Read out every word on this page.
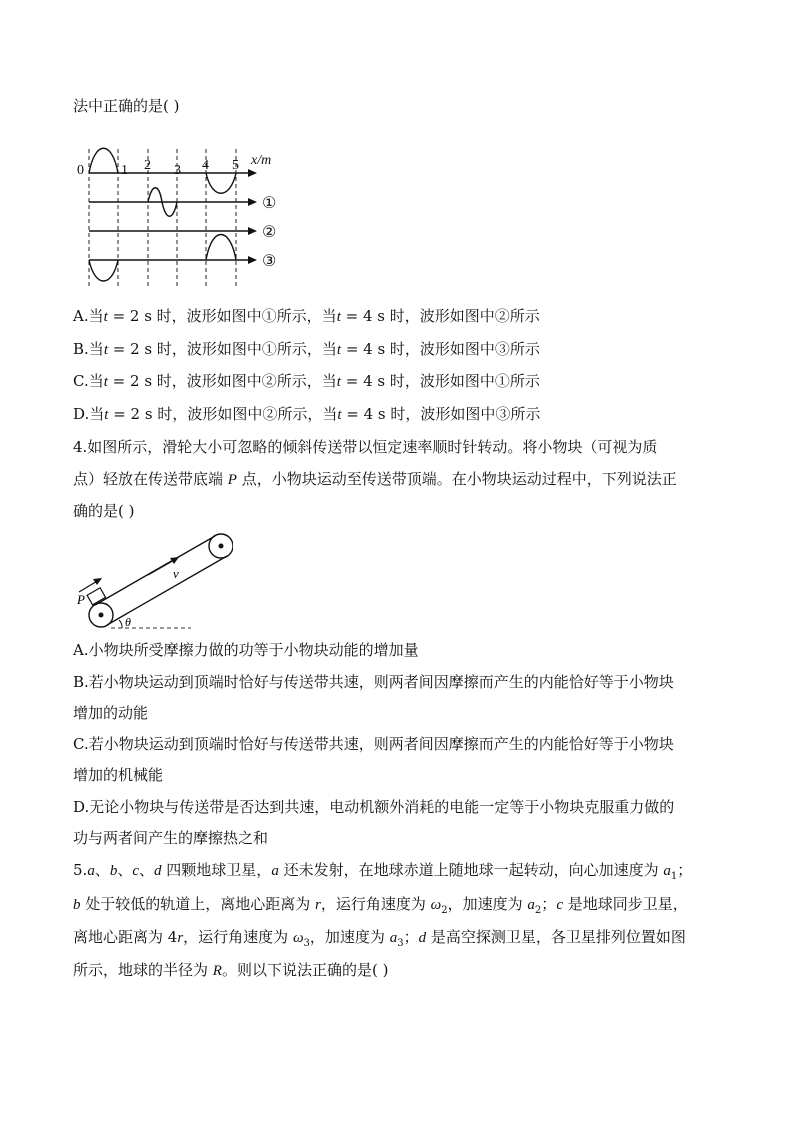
法中正确的是( )
0	1 2 3 4 5 x/m
①
②
③
A.当t = 2 s 时，波形如图中①所示，当t = 4 s 时，波形如图中②所示
B.当t = 2 s 时，波形如图中①所示，当t = 4 s 时，波形如图中③所示
C.当t = 2 s 时，波形如图中②所示，当t = 4 s 时，波形如图中①所示
D.当t = 2 s 时，波形如图中②所示，当t = 4 s 时，波形如图中③所示
4.如图所示，滑轮大小可忽略的倾斜传送带以恒定速率顺时针转动。将小物块（可视为质
点）轻放在传送带底端 P 点，小物块运动至传送带顶端。在小物块运动过程中，下列说法正
确的是( )
P
v
θ
A.小物块所受摩擦力做的功等于小物块动能的增加量
B.若小物块运动到顶端时恰好与传送带共速，则两者间因摩擦而产生的内能恰好等于小物块
增加的动能
C.若小物块运动到顶端时恰好与传送带共速，则两者间因摩擦而产生的内能恰好等于小物块
增加的机械能
D.无论小物块与传送带是否达到共速，电动机额外消耗的电能一定等于小物块克服重力做的
功与两者间产生的摩擦热之和
5.a、b、c、d 四颗地球卫星，a 还未发射，在地球赤道上随地球一起转动，向心加速度为 $a_1$；
b 处于较低的轨道上，离地心距离为 r，运行角速度为 $\omega_2$，加速度为 $a_2$；c 是地球同步卫星，
离地心距离为 4r，运行角速度为 $\omega_3$，加速度为 $a_3$；d 是高空探测卫星，各卫星排列位置如图
所示，地球的半径为 R。则以下说法正确的是( )
